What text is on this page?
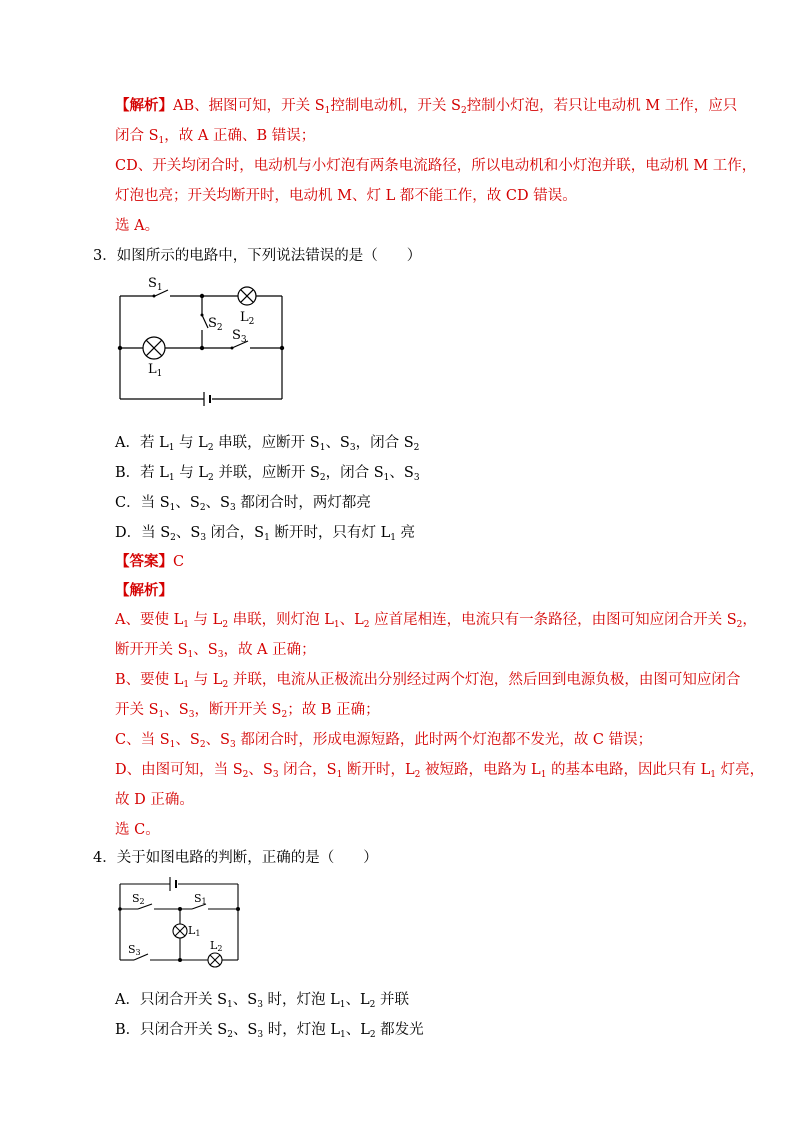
【解析】AB、据图可知，开关 $S_1$控制电动机，开关 $S_2$控制小灯泡，若只让电动机 M 工作，应只
闭合 $S_1$，故 A 正确、B 错误；
CD、开关均闭合时，电动机与小灯泡有两条电流路径，所以电动机和小灯泡并联，电动机 M 工作，
灯泡也亮；开关均断开时，电动机 M、灯 L 都不能工作，故 CD 错误。
选 A。
3．如图所示的电路中，下列说法错误的是（　　）
$S_1$
$S_2$ $S_3$
$L_2$
$L_1$
A．若 $L_1$ 与 $L_2$ 串联，应断开 $S_1$、$S_3$，闭合 $S_2$
B．若 $L_1$ 与 $L_2$ 并联，应断开 $S_2$，闭合 $S_1$、$S_3$
C．当 $S_1$、$S_2$、$S_3$ 都闭合时，两灯都亮
D．当 $S_2$、$S_3$ 闭合，$S_1$ 断开时，只有灯 $L_1$ 亮
【答案】C
【解析】
A、要使 $L_1$ 与 $L_2$ 串联，则灯泡 $L_1$、$L_2$ 应首尾相连，电流只有一条路径，由图可知应闭合开关 $S_2$，
断开开关 $S_1$、$S_3$，故 A 正确；
B、要使 $L_1$ 与 $L_2$ 并联，电流从正极流出分别经过两个灯泡，然后回到电源负极，由图可知应闭合
开关 $S_1$、$S_3$，断开开关 $S_2$；故 B 正确；
C、当 $S_1$、$S_2$、$S_3$ 都闭合时，形成电源短路，此时两个灯泡都不发光，故 C 错误；
D、由图可知，当 $S_2$、$S_3$ 闭合，$S_1$ 断开时，$L_2$ 被短路，电路为 $L_1$ 的基本电路，因此只有 $L_1$ 灯亮，
故 D 正确。
选 C。
4．关于如图电路的判断，正确的是（　　）
S2	S1
S3
L1
L2
A．只闭合开关 $S_1$、$S_3$ 时，灯泡 $L_1$、$L_2$ 并联
B．只闭合开关 $S_2$、$S_3$ 时，灯泡 $L_1$、$L_2$ 都发光
